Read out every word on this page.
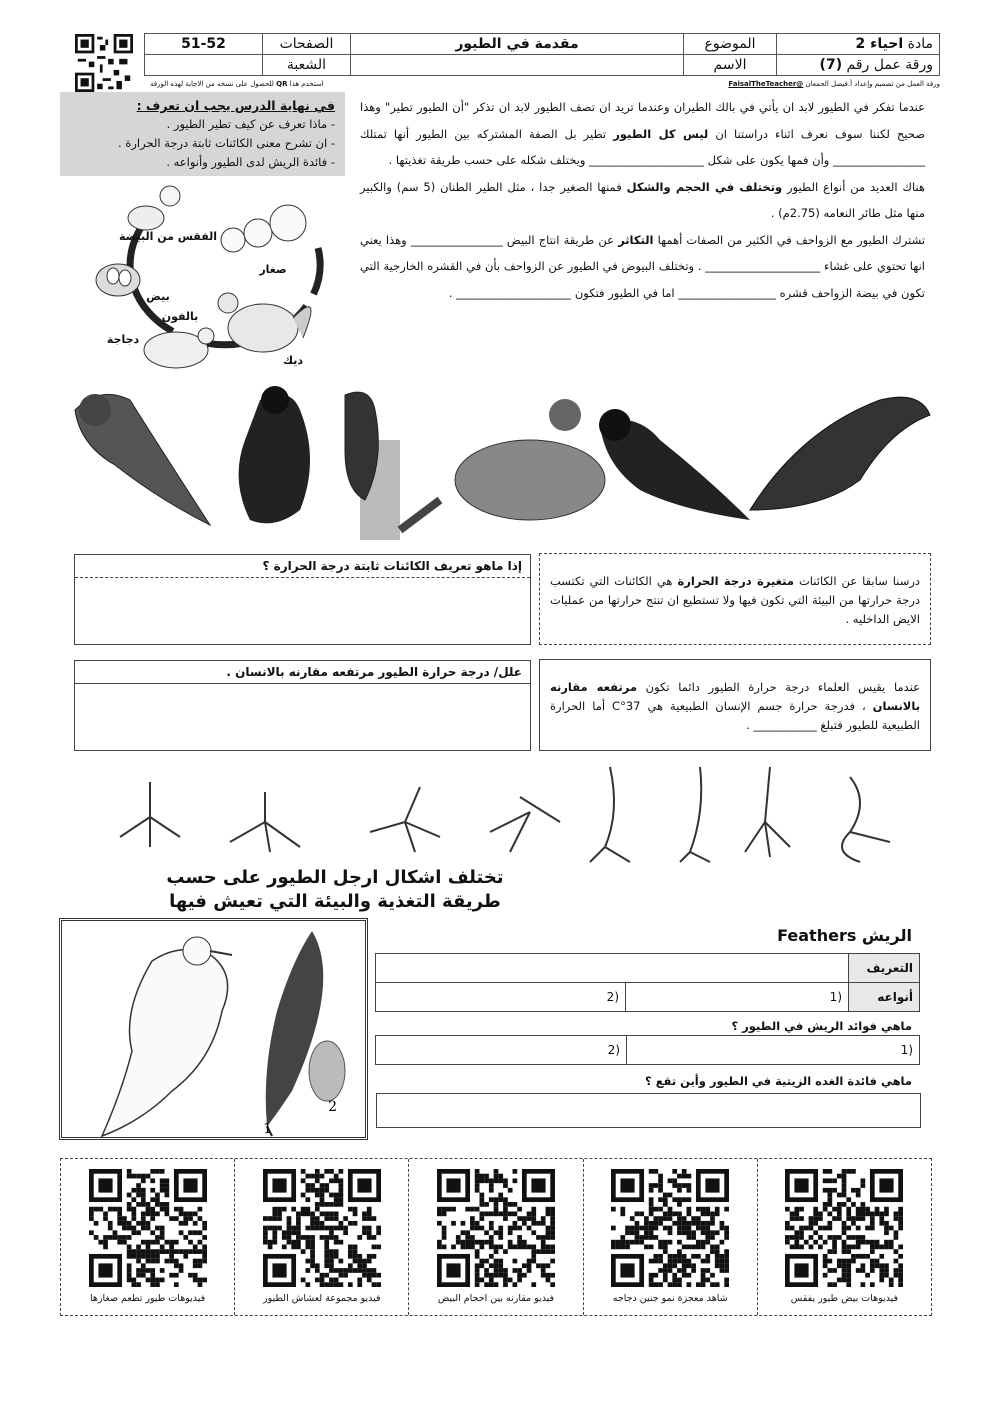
مادة احياء 2	الموضوع	مقدمة في الطيور	الصفحات	51-52
ورقة عمل رقم (7)	الاسم		الشعبة	
ورقة العمل من تصميم وإعداد أ.فيصل الجمعان @FaisalTheTeacher
استخدم هذا QR للحصول على نسخه من الاجابة لهذه الورقة
في نهاية الدرس يجب ان تعرف :
- ماذا تعرف عن كيف تطير الطيور .
- ان تشرح معنى الكائنات ثابتة درجة الحرارة .
- فائدة الريش لدى الطيور وأنواعه .
عندما تفكر في الطيور لابد ان يأتي في بالك الطيران وعندما تريد ان تصف الطيور لابد ان تذكر "أن الطيور تطير" وهذا صحيح لكننا سوف نعرف اثناء دراستنا ان ليس كل الطيور تطير بل الصفة المشتركه بين الطيور أنها تمتلك ________________ وأن فمها يكون على شكل ____________________ ويختلف شكله على حسب طريقة تغذيتها .
هناك العديد من أنواع الطيور وتختلف في الحجم والشكل فمنها الصغير جدا ، مثل الطير الطنان (5 سم) والكبير منها مثل طائر النعامه (2.75م) .
تشترك الطيور مع الزواحف في الكثير من الصفات أهمها التكاثر عن طريقة انتاج البيض ________________ وهذا يعني انها تحتوي على غشاء ____________________ . وتختلف البيوض في الطيور عن الزواحف بأن في القشره الخارجية التي تكون في بيضة الزواحف قشره _________________ اما في الطيور فتكون ____________________ .
الفقس من البيضة
صغار
بيض
بالفون
دجاجة
ديك
درسنا سابقا عن الكائنات متغيرة درجة الحرارة هي الكائنات التي تكتسب درجة حرارتها من البيئة التي تكون فيها ولا تستطيع ان تنتج حرارتها من عمليات الايض الداخليه .
إذا ماهو تعريف الكائنات ثابتة درجة الحرارة ؟
عندما يقيس العلماء درجة حرارة الطيور دائما تكون مرتفعه مقارنه بالانسان ، فدرجة حرارة جسم الإنسان الطبيعية هي 37°C أما الحرارة الطبيعية للطيور فتبلغ ___________ .
علل/ درجة حرارة الطيور مرتفعه مقارنه بالانسان .
تختلف اشكال ارجل الطيور على حسب
طريقة التغذية والبيئة التي تعيش فيها
1
2
الريش Feathers
التعريف		
أنواعه	(1	(2
ماهي فوائد الريش في الطيور ؟
(1	(2
ماهي فائدة الغده الزيتية في الطيور وأين تقع ؟
فيديوهات بيض طيور يفقس
شاهد معجزة نمو جنين دجاجه
فيديو مقارنه بين احجام البيض
فيديو مجموعة لعشاش الطيور
فيديوهات طيور تطعم صغارها
